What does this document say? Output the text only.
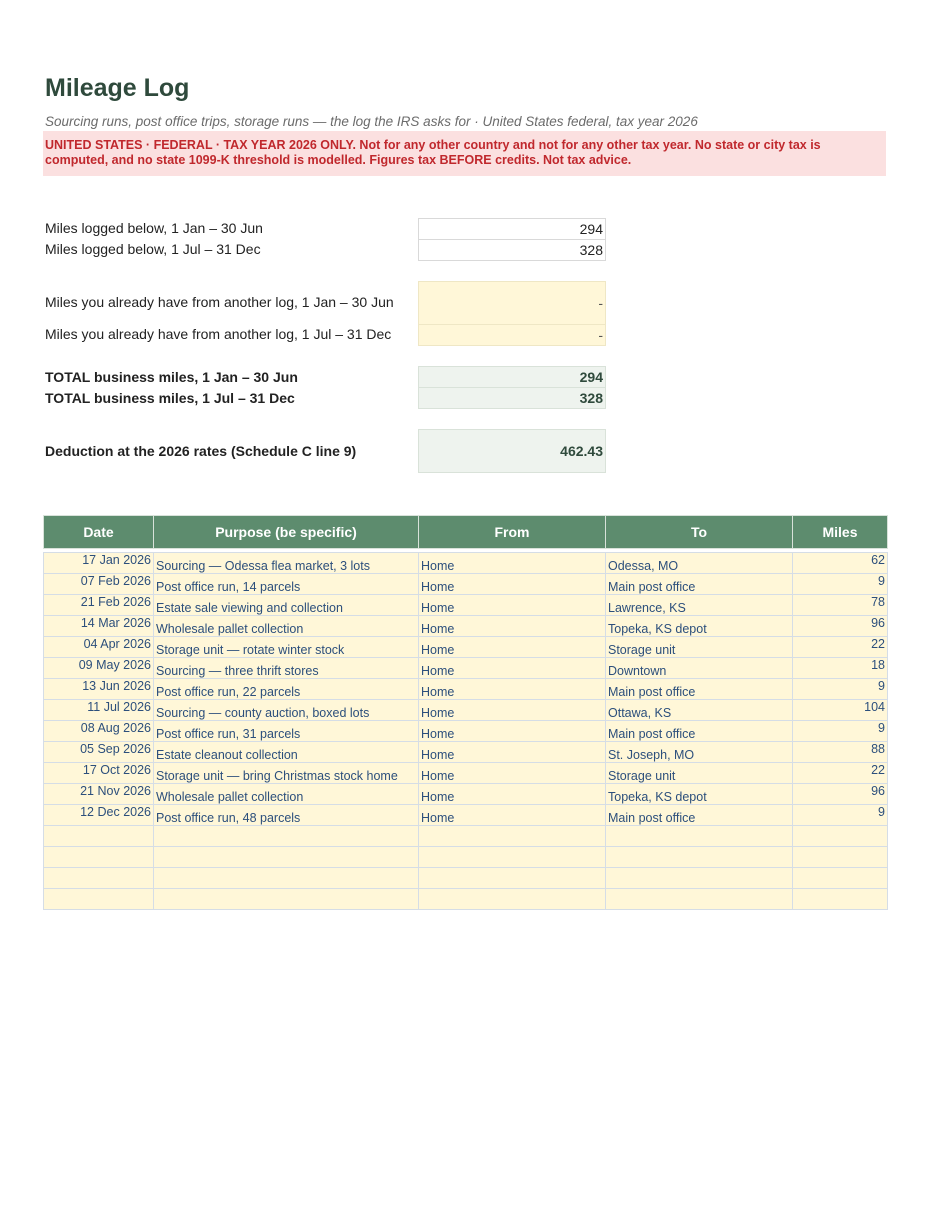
Mileage Log
Sourcing runs, post office trips, storage runs — the log the IRS asks for · United States federal, tax year 2026
UNITED STATES · FEDERAL · TAX YEAR 2026 ONLY. Not for any other country and not for any other tax year. No state or city tax is computed, and no state 1099-K threshold is modelled. Figures tax BEFORE credits. Not tax advice.
Miles logged below, 1 Jan – 30 Jun	294
Miles logged below, 1 Jul – 31 Dec	328
Miles you already have from another log, 1 Jan – 30 Jun	-
Miles you already have from another log, 1 Jul – 31 Dec	-
TOTAL business miles, 1 Jan – 30 Jun	294
TOTAL business miles, 1 Jul – 31 Dec	328
Deduction at the 2026 rates (Schedule C line 9)	462.43
Date	Purpose (be specific)	From	To	Miles

17 Jan 2026	Sourcing — Odessa flea market, 3 lots	Home	Odessa, MO	62
07 Feb 2026	Post office run, 14 parcels	Home	Main post office	9
21 Feb 2026	Estate sale viewing and collection	Home	Lawrence, KS	78
14 Mar 2026	Wholesale pallet collection	Home	Topeka, KS depot	96
04 Apr 2026	Storage unit — rotate winter stock	Home	Storage unit	22
09 May 2026	Sourcing — three thrift stores	Home	Downtown	18
13 Jun 2026	Post office run, 22 parcels	Home	Main post office	9
11 Jul 2026	Sourcing — county auction, boxed lots	Home	Ottawa, KS	104
08 Aug 2026	Post office run, 31 parcels	Home	Main post office	9
05 Sep 2026	Estate cleanout collection	Home	St. Joseph, MO	88
17 Oct 2026	Storage unit — bring Christmas stock home	Home	Storage unit	22
21 Nov 2026	Wholesale pallet collection	Home	Topeka, KS depot	96
12 Dec 2026	Post office run, 48 parcels	Home	Main post office	9
